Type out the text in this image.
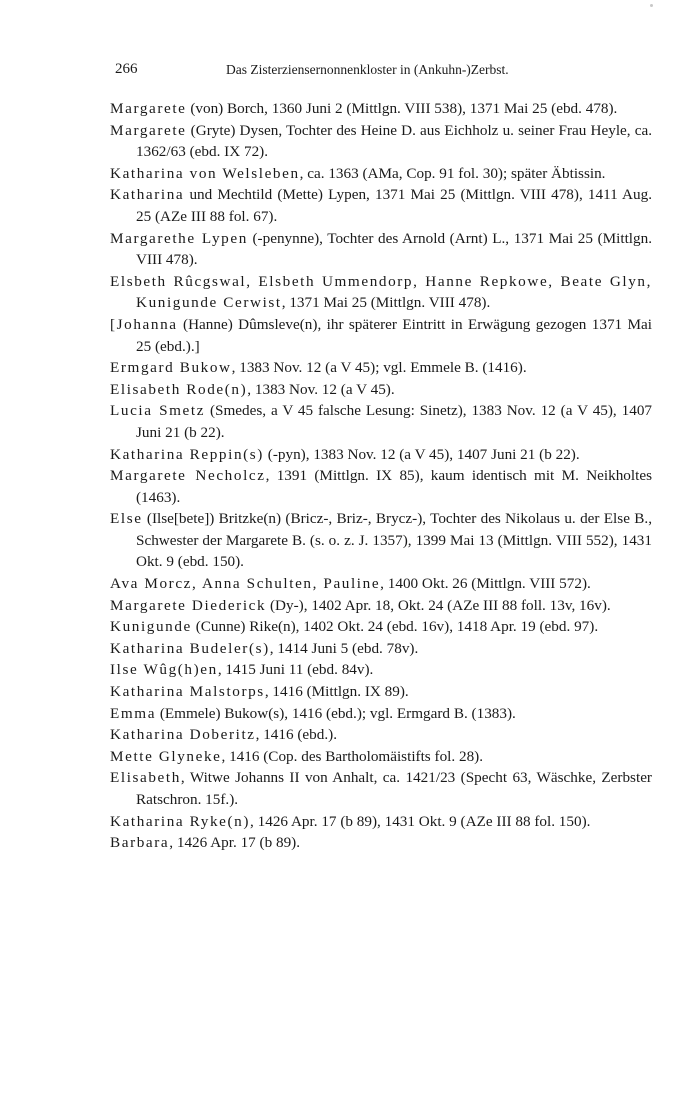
266	Das Zisterziensernonnenkloster in (Ankuhn-)Zerbst.

Margarete (von) Borch, 1360 Juni 2 (Mittlgn. VIII 538), 1371 Mai 25 (ebd. 478).

Margarete (Gryte) Dysen, Tochter des Heine D. aus Eichholz u. seiner Frau Heyle, ca. 1362/63 (ebd. IX 72).

Katharina von Welsleben, ca. 1363 (AMa, Cop. 91 fol. 30); später Äbtissin.

Katharina und Mechtild (Mette) Lypen, 1371 Mai 25 (Mittlgn. VIII 478), 1411 Aug. 25 (AZe III 88 fol. 67).

Margarethe Lypen (-penynne), Tochter des Arnold (Arnt) L., 1371 Mai 25 (Mittlgn. VIII 478).

Elsbeth Rûcgswal, Elsbeth Ummendorp, Hanne Repkowe, Beate Glyn, Kunigunde Cerwist, 1371 Mai 25 (Mittlgn. VIII 478).

[Johanna (Hanne) Dûmsleve(n), ihr späterer Eintritt in Erwägung gezogen 1371 Mai 25 (ebd.).]

Ermgard Bukow, 1383 Nov. 12 (a V 45); vgl. Emmele B. (1416).

Elisabeth Rode(n), 1383 Nov. 12 (a V 45).

Lucia Smetz (Smedes, a V 45 falsche Lesung: Sinetz), 1383 Nov. 12 (a V 45), 1407 Juni 21 (b 22).

Katharina Reppin(s) (-pyn), 1383 Nov. 12 (a V 45), 1407 Juni 21 (b 22).

Margarete Necholcz, 1391 (Mittlgn. IX 85), kaum identisch mit M. Neikholtes (1463).

Else (Ilse[bete]) Britzke(n) (Bricz-, Briz-, Brycz-), Tochter des Nikolaus u. der Else B., Schwester der Margarete B. (s. o. z. J. 1357), 1399 Mai 13 (Mittlgn. VIII 552), 1431 Okt. 9 (ebd. 150).

Ava Morcz, Anna Schulten, Pauline, 1400 Okt. 26 (Mittlgn. VIII 572).

Margarete Diederick (Dy-), 1402 Apr. 18, Okt. 24 (AZe III 88 foll. 13v, 16v).

Kunigunde (Cunne) Rike(n), 1402 Okt. 24 (ebd. 16v), 1418 Apr. 19 (ebd. 97).

Katharina Budeler(s), 1414 Juni 5 (ebd. 78v).

Ilse Wûg(h)en, 1415 Juni 11 (ebd. 84v).

Katharina Malstorps, 1416 (Mittlgn. IX 89).

Emma (Emmele) Bukow(s), 1416 (ebd.); vgl. Ermgard B. (1383).

Katharina Doberitz, 1416 (ebd.).

Mette Glyneke, 1416 (Cop. des Bartholomäistifts fol. 28).

Elisabeth, Witwe Johanns II von Anhalt, ca. 1421/23 (Specht 63, Wäschke, Zerbster Ratschron. 15f.).

Katharina Ryke(n), 1426 Apr. 17 (b 89), 1431 Okt. 9 (AZe III 88 fol. 150).

Barbara, 1426 Apr. 17 (b 89).
